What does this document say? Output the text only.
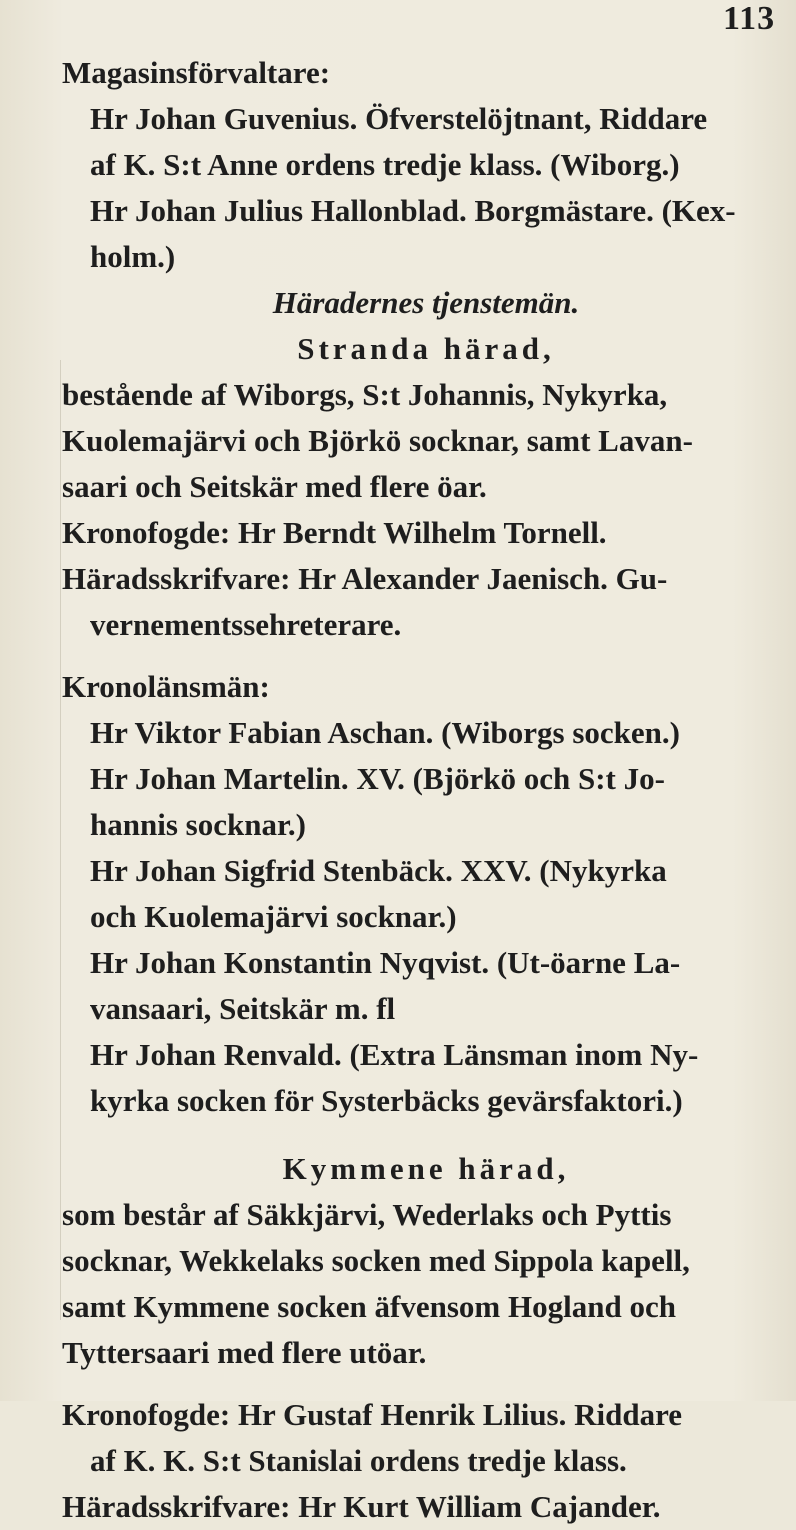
113
Magasinsförvaltare:
Hr Johan Guvenius. Öfverstelöjtnant, Riddare
af K. S:t Anne ordens tredje klass. (Wiborg.)
Hr Johan Julius Hallonblad. Borgmästare. (Kex-
holm.)
Häradernes tjenstemän.
Stranda härad,
bestående af Wiborgs, S:t Johannis, Nykyrka,
Kuolemajärvi och Björkö socknar, samt Lavan-
saari och Seitskär med flere öar.
Kronofogde: Hr Berndt Wilhelm Tornell.
Häradsskrifvare: Hr Alexander Jaenisch. Gu-
vernementssehreterare.
Kronolänsmän:
Hr Viktor Fabian Aschan. (Wiborgs socken.)
Hr Johan Martelin. XV. (Björkö och S:t Jo-
hannis socknar.)
Hr Johan Sigfrid Stenbäck. XXV. (Nykyrka
och Kuolemajärvi socknar.)
Hr Johan Konstantin Nyqvist. (Ut-öarne La-
vansaari, Seitskär m. fl
Hr Johan Renvald. (Extra Länsman inom Ny-
kyrka socken för Systerbäcks gevärsfaktori.)
Kymmene härad,
som består af Säkkjärvi, Wederlaks och Pyttis
socknar, Wekkelaks socken med Sippola kapell,
samt Kymmene socken äfvensom Hogland och
Tyttersaari med flere utöar.
Kronofogde: Hr Gustaf Henrik Lilius. Riddare
af K. K. S:t Stanislai ordens tredje klass.
Häradsskrifvare: Hr Kurt William Cajander.
